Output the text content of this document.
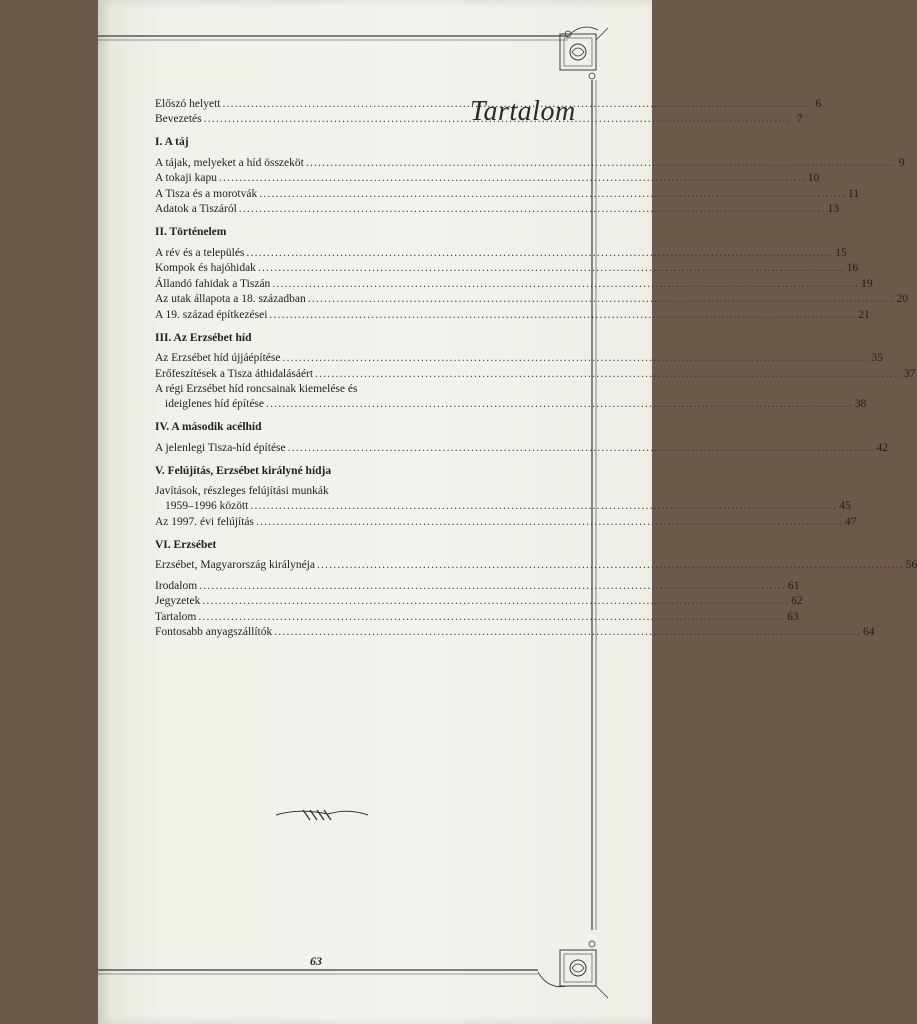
Tartalom
Előszó helyett .....	6
Bevezetés .....	7
I. A táj
A tájak, melyeket a híd összeköt .....	9
A tokaji kapu .....	10
A Tisza és a morotvák .....	11
Adatok a Tiszáról .....	13
II. Történelem
A rév és a település .....	15
Kompok és hajóhidak .....	16
Állandó fahidak a Tiszán .....	19
Az utak állapota a 18. században .....	20
A 19. század építkezései .....	21
III. Az Erzsébet híd
Az Erzsébet híd újjáépítése .....	35
Erőfeszítések a Tisza áthidalásáért .....	37
A régi Erzsébet híd roncsainak kiemelése és
ideiglenes híd építése .....	38
IV. A második acélhíd
A jelenlegi Tisza-híd építése .....	42
V. Felújítás, Erzsébet királyné hídja
Javítások, részleges felújítási munkák
1959–1996 között .....	45
Az 1997. évi felújítás .....	47
VI. Erzsébet
Erzsébet, Magyarország királynéja .....	56
Irodalom .....	61
Jegyzetek .....	62
Tartalom .....	63
Fontosabb anyagszállítók .....	64
63
